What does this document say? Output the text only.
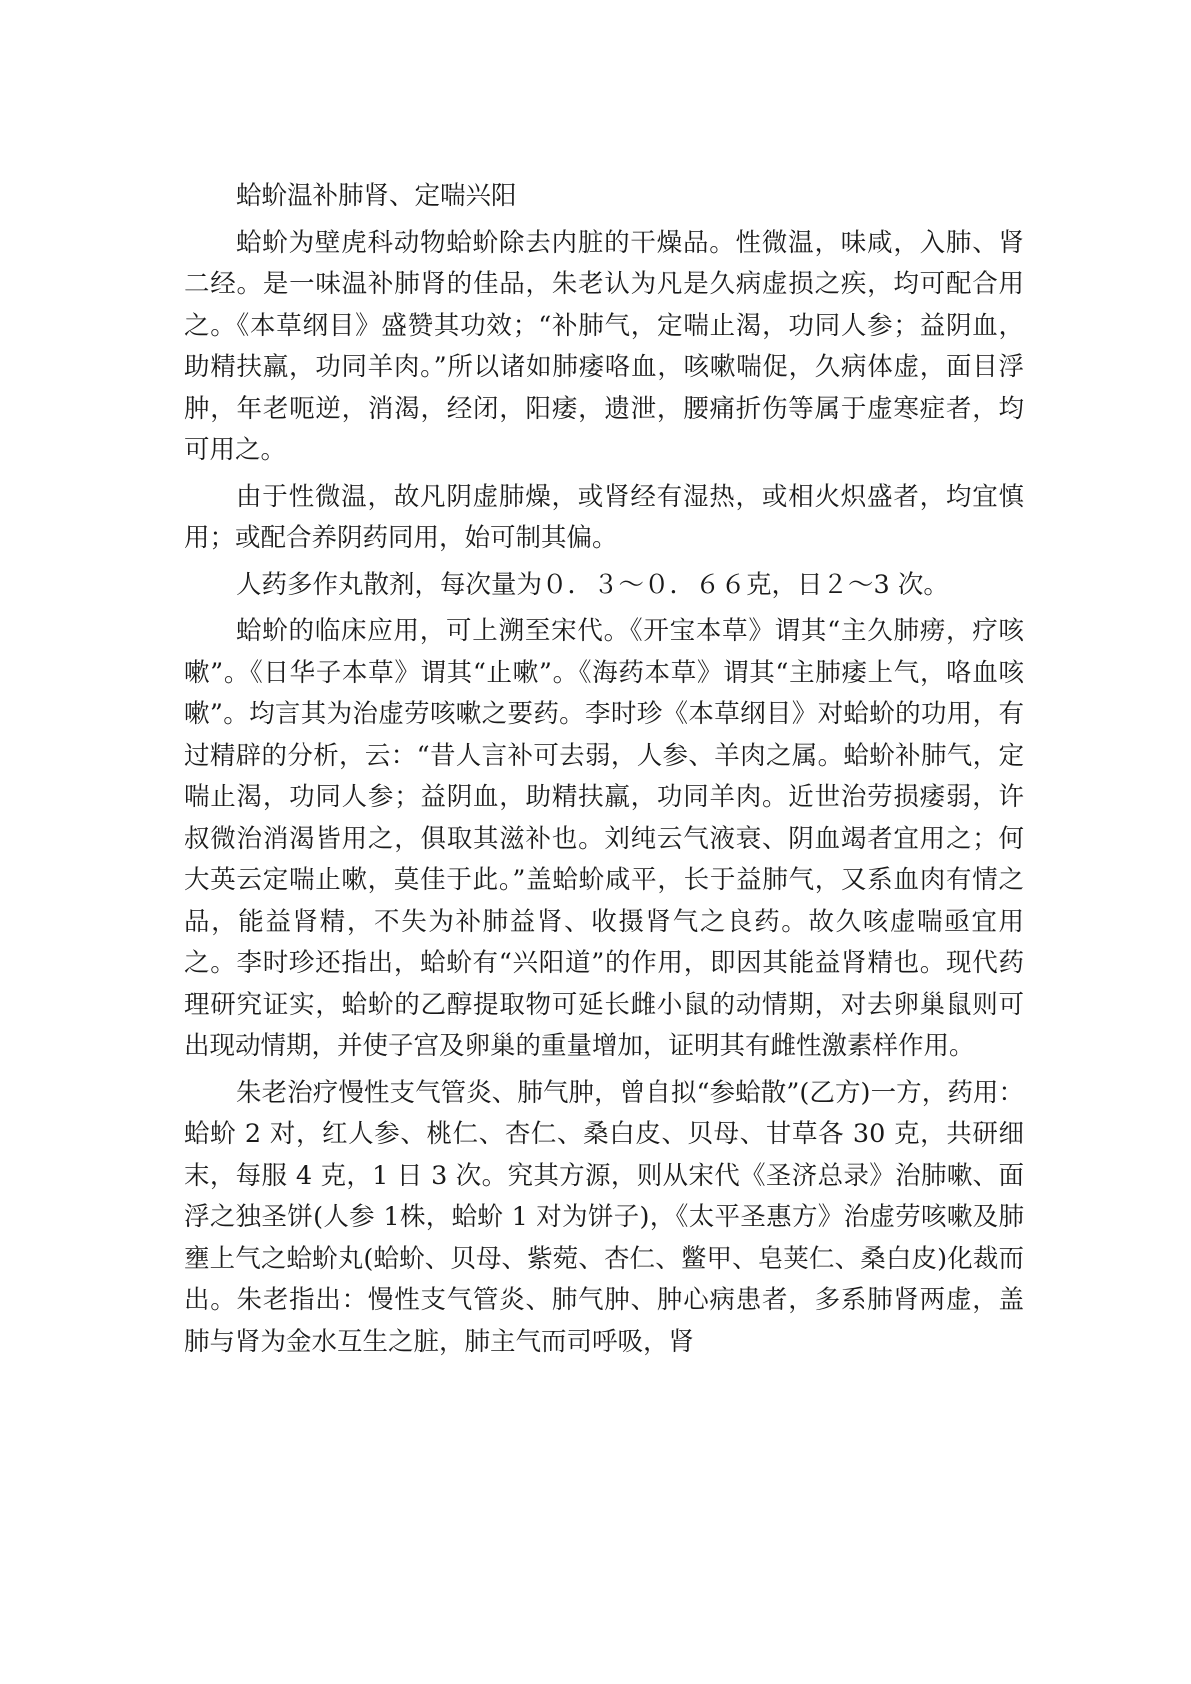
蛤蚧温补肺肾、定喘兴阳

蛤蚧为壁虎科动物蛤蚧除去内脏的干燥品。性微温，味咸，入肺、肾二经。是一味温补肺肾的佳品，朱老认为凡是久病虚损之疾，均可配合用之。《本草纲目》盛赞其功效；“补肺气，定喘止渴，功同人参；益阴血，助精扶羸，功同羊肉。”所以诸如肺痿咯血，咳嗽喘促，久病体虚，面目浮肿，年老呃逆，消渴，经闭，阳痿，遗泄，腰痛折伤等属于虚寒症者，均可用之。

由于性微温，故凡阴虚肺燥，或肾经有湿热，或相火炽盛者，均宜慎用；或配合养阴药同用，始可制其偏。

人药多作丸散剂，每次量为０．３～０．６６克，日２～3 次。

蛤蚧的临床应用，可上溯至宋代。《开宝本草》谓其“主久肺痨，疗咳嗽”。《日华子本草》谓其“止嗽”。《海药本草》谓其“主肺痿上气，咯血咳嗽”。均言其为治虚劳咳嗽之要药。李时珍《本草纲目》对蛤蚧的功用，有过精辟的分析，云：“昔人言补可去弱，人参、羊肉之属。蛤蚧补肺气，定喘止渴，功同人参；益阴血，助精扶羸，功同羊肉。近世治劳损痿弱，许叔微治消渴皆用之，俱取其滋补也。刘纯云气液衰、阴血竭者宜用之；何大英云定喘止嗽，莫佳于此。”盖蛤蚧咸平，长于益肺气，又系血肉有情之品，能益肾精，不失为补肺益肾、收摄肾气之良药。故久咳虚喘亟宜用之。李时珍还指出，蛤蚧有“兴阳道”的作用，即因其能益肾精也。现代药理研究证实，蛤蚧的乙醇提取物可延长雌小鼠的动情期，对去卵巢鼠则可出现动情期，并使子宫及卵巢的重量增加，证明其有雌性激素样作用。

朱老治疗慢性支气管炎、肺气肿，曾自拟“参蛤散”(乙方)一方，药用：蛤蚧 2 对，红人参、桃仁、杏仁、桑白皮、贝母、甘草各 30 克，共研细末，每服 4 克，1 日 3 次。究其方源，则从宋代《圣济总录》治肺嗽、面浮之独圣饼(人参 1株，蛤蚧 1 对为饼子)，《太平圣惠方》治虚劳咳嗽及肺壅上气之蛤蚧丸(蛤蚧、贝母、紫菀、杏仁、鳖甲、皂荚仁、桑白皮)化裁而出。朱老指出：慢性支气管炎、肺气肿、肿心病患者，多系肺肾两虚，盖肺与肾为金水互生之脏，肺主气而司呼吸，肾
